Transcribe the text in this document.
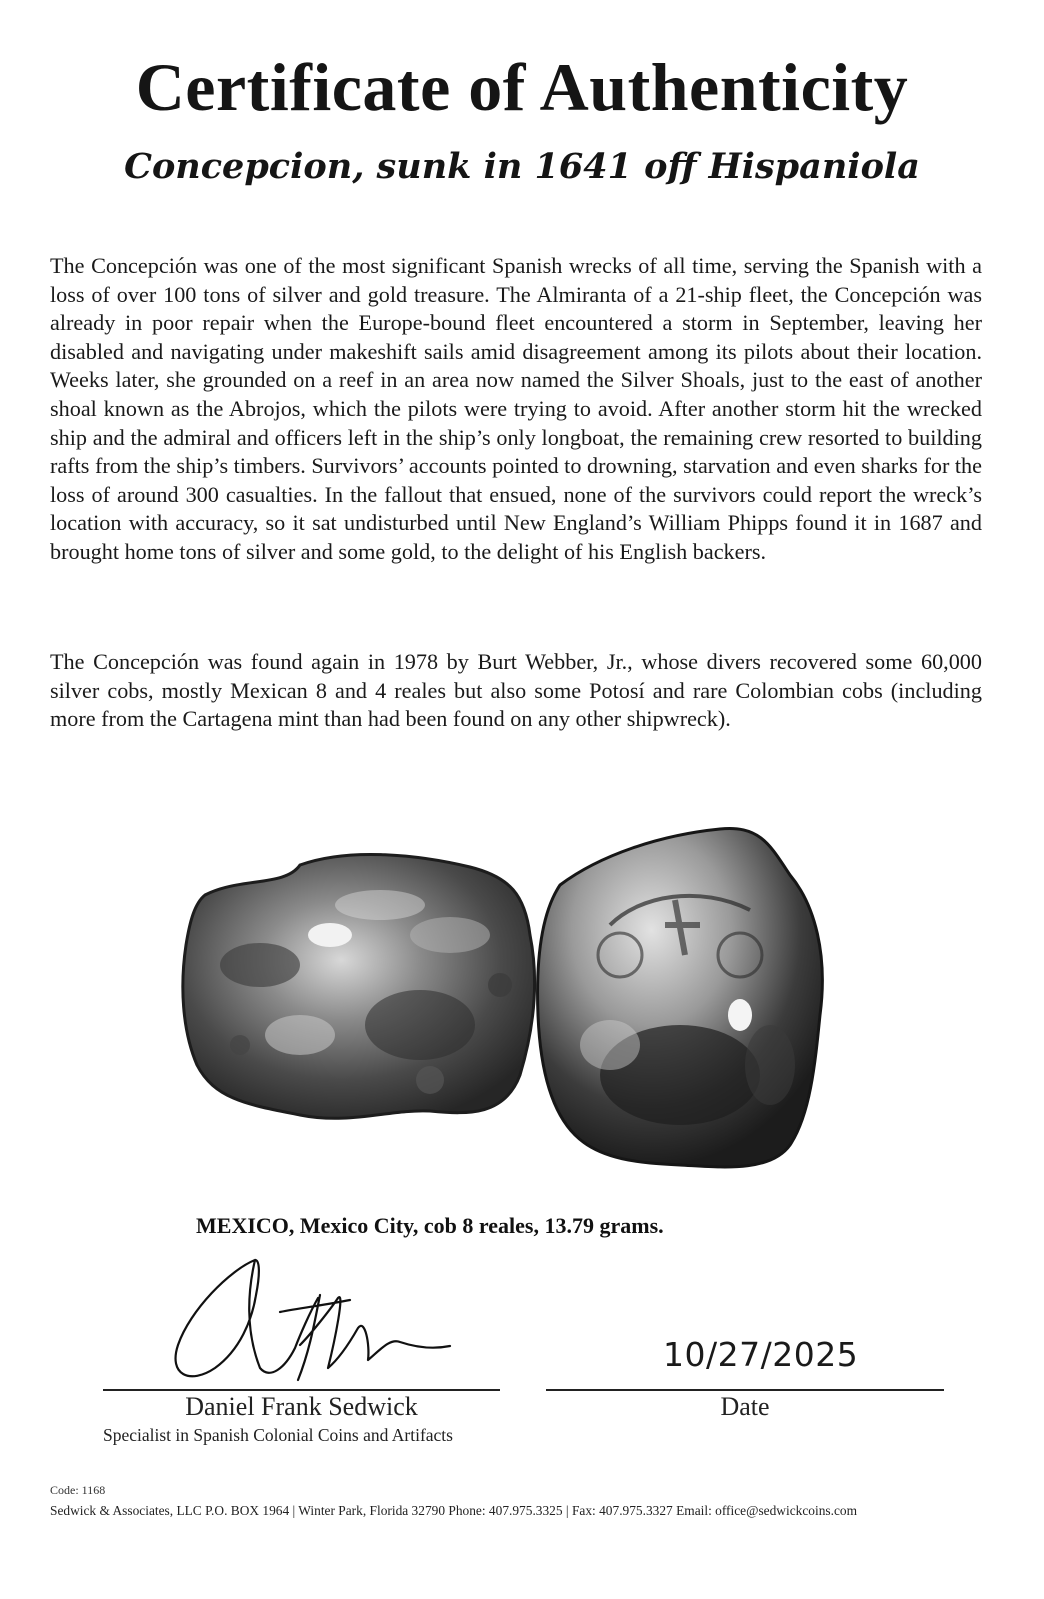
Certificate of Authenticity
Concepcion, sunk in 1641 off Hispaniola
The Concepción was one of the most significant Spanish wrecks of all time, serving the Spanish with a loss of over 100 tons of silver and gold treasure. The Almiranta of a 21-ship fleet, the Concepción was already in poor repair when the Europe-bound fleet encountered a storm in September, leaving her disabled and navigating under makeshift sails amid disagreement among its pilots about their location. Weeks later, she grounded on a reef in an area now named the Silver Shoals, just to the east of another shoal known as the Abrojos, which the pilots were trying to avoid. After another storm hit the wrecked ship and the admiral and officers left in the ship’s only longboat, the remaining crew resorted to building rafts from the ship’s timbers. Survivors’ accounts pointed to drowning, starvation and even sharks for the loss of around 300 casualties. In the fallout that ensued, none of the survivors could report the wreck’s location with accuracy, so it sat undisturbed until New England’s William Phipps found it in 1687 and brought home tons of silver and some gold, to the delight of his English backers.
The Concepción was found again in 1978 by Burt Webber, Jr., whose divers recovered some 60,000 silver cobs, mostly Mexican 8 and 4 reales but also some Potosí and rare Colombian cobs (including more from the Cartagena mint than had been found on any other shipwreck).
MEXICO, Mexico City, cob 8 reales, 13.79 grams.
10/27/2025
Daniel Frank Sedwick
Specialist in Spanish Colonial Coins and Artifacts
Date
Code: 1168
Sedwick & Associates, LLC P.O. BOX 1964 | Winter Park, Florida 32790 Phone: 407.975.3325 | Fax: 407.975.3327 Email: office@sedwickcoins.com
